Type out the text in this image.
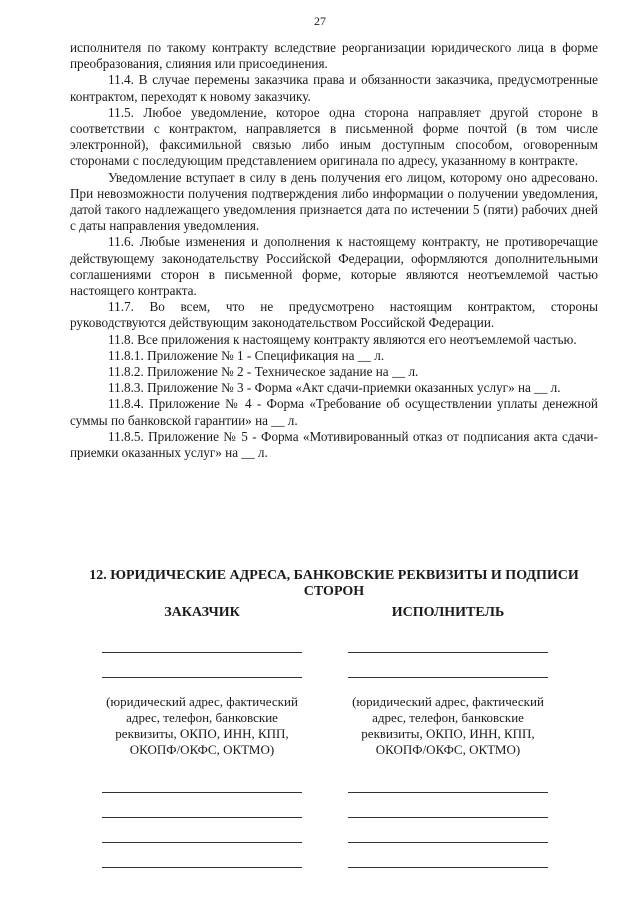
27

исполнителя по такому контракту вследствие реорганизации юридического лица в форме преобразования, слияния или присоединения.

11.4. В случае перемены заказчика права и обязанности заказчика, предусмотренные контрактом, переходят к новому заказчику.

11.5. Любое уведомление, которое одна сторона направляет другой стороне в соответствии с контрактом, направляется в письменной форме почтой (в том числе электронной), факсимильной связью либо иным доступным способом, оговоренным сторонами с последующим представлением оригинала по адресу, указанному в контракте.

Уведомление вступает в силу в день получения его лицом, которому оно адресовано. При невозможности получения подтверждения либо информации о получении уведомления, датой такого надлежащего уведомления признается дата по истечении 5 (пяти) рабочих дней с даты направления уведомления.

11.6. Любые изменения и дополнения к настоящему контракту, не противоречащие действующему законодательству Российской Федерации, оформляются дополнительными соглашениями сторон в письменной форме, которые являются неотъемлемой частью настоящего контракта.

11.7. Во всем, что не предусмотрено настоящим контрактом, стороны руководствуются действующим законодательством Российской Федерации.

11.8. Все приложения к настоящему контракту являются его неотъемлемой частью.

11.8.1. Приложение № 1 - Спецификация на __ л.

11.8.2. Приложение № 2 - Техническое задание на __ л.

11.8.3. Приложение № 3 - Форма «Акт сдачи-приемки оказанных услуг» на __ л.

11.8.4. Приложение № 4 - Форма «Требование об осуществлении уплаты денежной суммы по банковской гарантии» на __ л.

11.8.5. Приложение № 5 - Форма «Мотивированный отказ от подписания акта сдачи-приемки оказанных услуг» на __ л.

12. ЮРИДИЧЕСКИЕ АДРЕСА, БАНКОВСКИЕ РЕКВИЗИТЫ И ПОДПИСИ СТОРОН
ЗАКАЗЧИК
(юридический адрес, фактический адрес, телефон, банковские реквизиты, ОКПО, ИНН, КПП, ОКОПФ/ОКФС, ОКТМО)
ИСПОЛНИТЕЛЬ
(юридический адрес, фактический адрес, телефон, банковские реквизиты, ОКПО, ИНН, КПП, ОКОПФ/ОКФС, ОКТМО)
